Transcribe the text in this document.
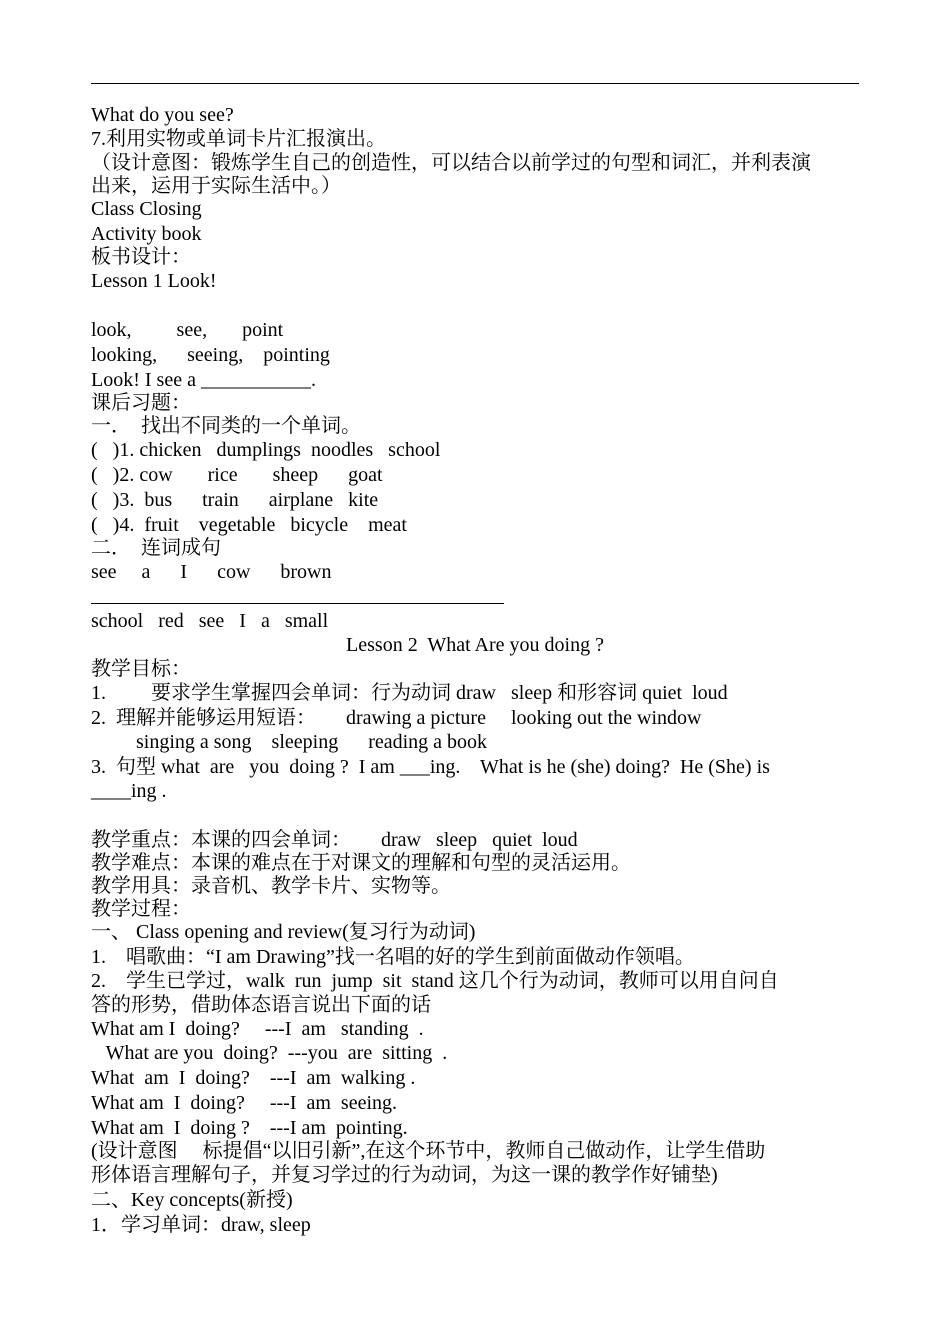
What do you see?
7.利用实物或单词卡片汇报演出。
（设计意图：锻炼学生自己的创造性，可以结合以前学过的句型和词汇，并利表演
出来，运用于实际生活中。）
Class Closing
Activity book
板书设计：
Lesson 1 Look!
look,         see,       point
looking,      seeing,    pointing
Look! I see a ___________.
课后习题：
一．  找出不同类的一个单词。
(   )1. chicken   dumplings  noodles   school
(   )2. cow       rice       sheep      goat
(   )3.  bus      train      airplane   kite
(   )4.  fruit    vegetable   bicycle    meat
二．  连词成句
see     a      I      cow      brown
school   red   see   I   a   small
Lesson 2  What Are you doing ?
教学目标：
1.         要求学生掌握四会单词：行为动词 draw   sleep 和形容词 quiet  loud
2.  理解并能够运用短语：      drawing a picture     looking out the window
singing a song    sleeping      reading a book
3.  句型 what  are   you  doing ?  I am ___ing.    What is he (she) doing?  He (She) is
____ing .
教学重点：本课的四会单词：      draw   sleep   quiet  loud
教学难点：本课的难点在于对课文的理解和句型的灵活运用。
教学用具：录音机、教学卡片、实物等。
教学过程：
一、 Class opening and review(复习行为动词)
1.    唱歌曲：“I am Drawing”找一名唱的好的学生到前面做动作领唱。
2.    学生已学过，walk  run  jump  sit  stand 这几个行为动词，教师可以用自问自
答的形势，借助体态语言说出下面的话
What am I  doing?     ---I  am   standing  .
What are you  doing?  ---you  are  sitting  .
What  am  I  doing?    ---I  am  walking .
What am  I  doing?     ---I  am  seeing.
What am  I  doing ?    ---I am  pointing.
(设计意图     标提倡“以旧引新”,在这个环节中，教师自己做动作，让学生借助
形体语言理解句子，并复习学过的行为动词，为这一课的教学作好铺垫)
二、Key concepts(新授)
1．学习单词：draw, sleep
